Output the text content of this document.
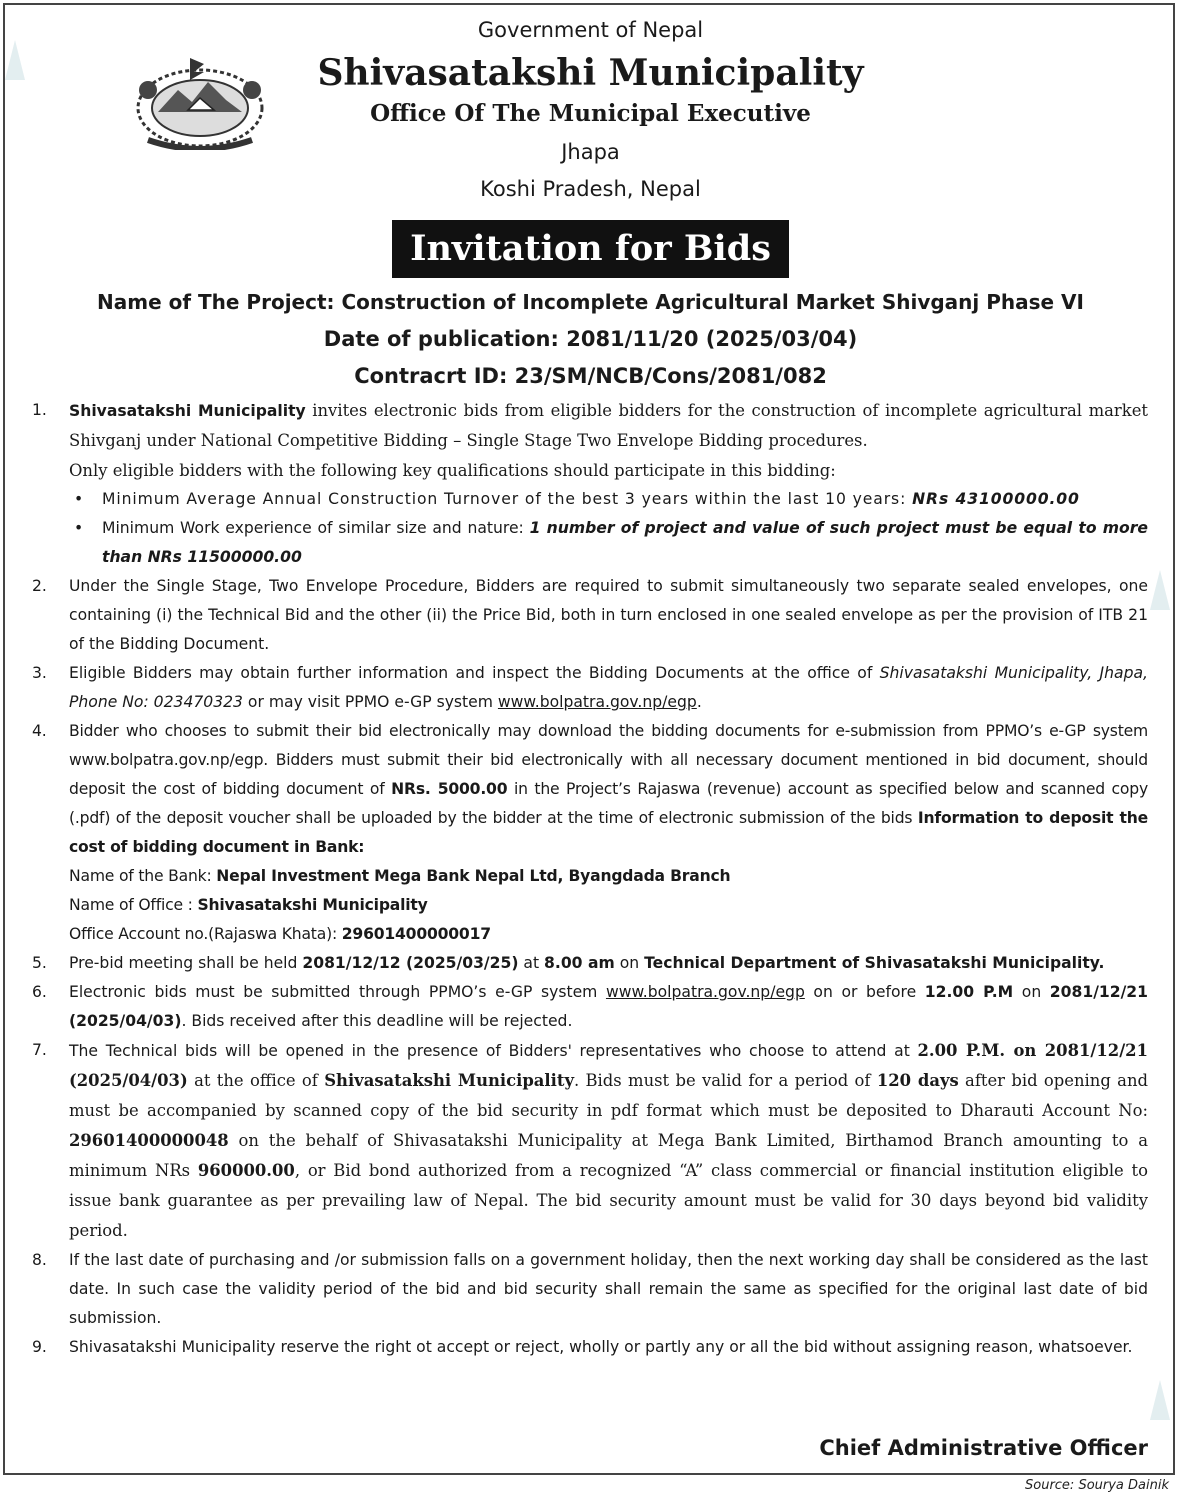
Government of Nepal
Shivasatakshi Municipality
Office Of The Municipal Executive
Jhapa
Koshi Pradesh, Nepal
Invitation for Bids
Name of The Project: Construction of Incomplete Agricultural Market Shivganj Phase VI
Date of publication: 2081/11/20 (2025/03/04)
Contracrt ID: 23/SM/NCB/Cons/2081/082
1.	Shivasatakshi Municipality invites electronic bids from eligible bidders for the construction of incomplete agricultural market Shivganj under National Competitive Bidding – Single Stage Two Envelope Bidding procedures.
Only eligible bidders with the following key qualifications should participate in this bidding:
• Minimum Average Annual Construction Turnover of the best 3 years within the last 10 years: NRs 43100000.00
• Minimum Work experience of similar size and nature: 1 number of project and value of such project must be equal to more than NRs 11500000.00
2.	Under the Single Stage, Two Envelope Procedure, Bidders are required to submit simultaneously two separate sealed envelopes, one containing (i) the Technical Bid and the other (ii) the Price Bid, both in turn enclosed in one sealed envelope as per the provision of ITB 21 of the Bidding Document.
3.	Eligible Bidders may obtain further information and inspect the Bidding Documents at the office of Shivasatakshi Municipality, Jhapa, Phone No: 023470323 or may visit PPMO e-GP system www.bolpatra.gov.np/egp.
4.	Bidder who chooses to submit their bid electronically may download the bidding documents for e-submission from PPMO’s e-GP system www.bolpatra.gov.np/egp. Bidders must submit their bid electronically with all necessary document mentioned in bid document, should deposit the cost of bidding document of NRs. 5000.00 in the Project’s Rajaswa (revenue) account as specified below and scanned copy (.pdf) of the deposit voucher shall be uploaded by the bidder at the time of electronic submission of the bids Information to deposit the cost of bidding document in Bank:
Name of the Bank: Nepal Investment Mega Bank Nepal Ltd, Byangdada Branch
Name of Office : Shivasatakshi Municipality
Office Account no.(Rajaswa Khata): 29601400000017
5.	Pre-bid meeting shall be held 2081/12/12 (2025/03/25) at 8.00 am on Technical Department of Shivasatakshi Municipality.
6.	Electronic bids must be submitted through PPMO’s e-GP system www.bolpatra.gov.np/egp on or before 12.00 P.M on 2081/12/21 (2025/04/03). Bids received after this deadline will be rejected.
7.	The Technical bids will be opened in the presence of Bidders' representatives who choose to attend at 2.00 P.M. on 2081/12/21 (2025/04/03) at the office of Shivasatakshi Municipality. Bids must be valid for a period of 120 days after bid opening and must be accompanied by scanned copy of the bid security in pdf format which must be deposited to Dharauti Account No: 29601400000048 on the behalf of Shivasatakshi Municipality at Mega Bank Limited, Birthamod Branch amounting to a minimum NRs 960000.00, or Bid bond authorized from a recognized “A” class commercial or financial institution eligible to issue bank guarantee as per prevailing law of Nepal. The bid security amount must be valid for 30 days beyond bid validity period.
8.	If the last date of purchasing and /or submission falls on a government holiday, then the next working day shall be considered as the last date. In such case the validity period of the bid and bid security shall remain the same as specified for the original last date of bid submission.
9.	Shivasatakshi Municipality reserve the right ot accept or reject, wholly or partly any or all the bid without assigning reason, whatsoever.
Chief Administrative Officer
Source: Sourya Dainik
